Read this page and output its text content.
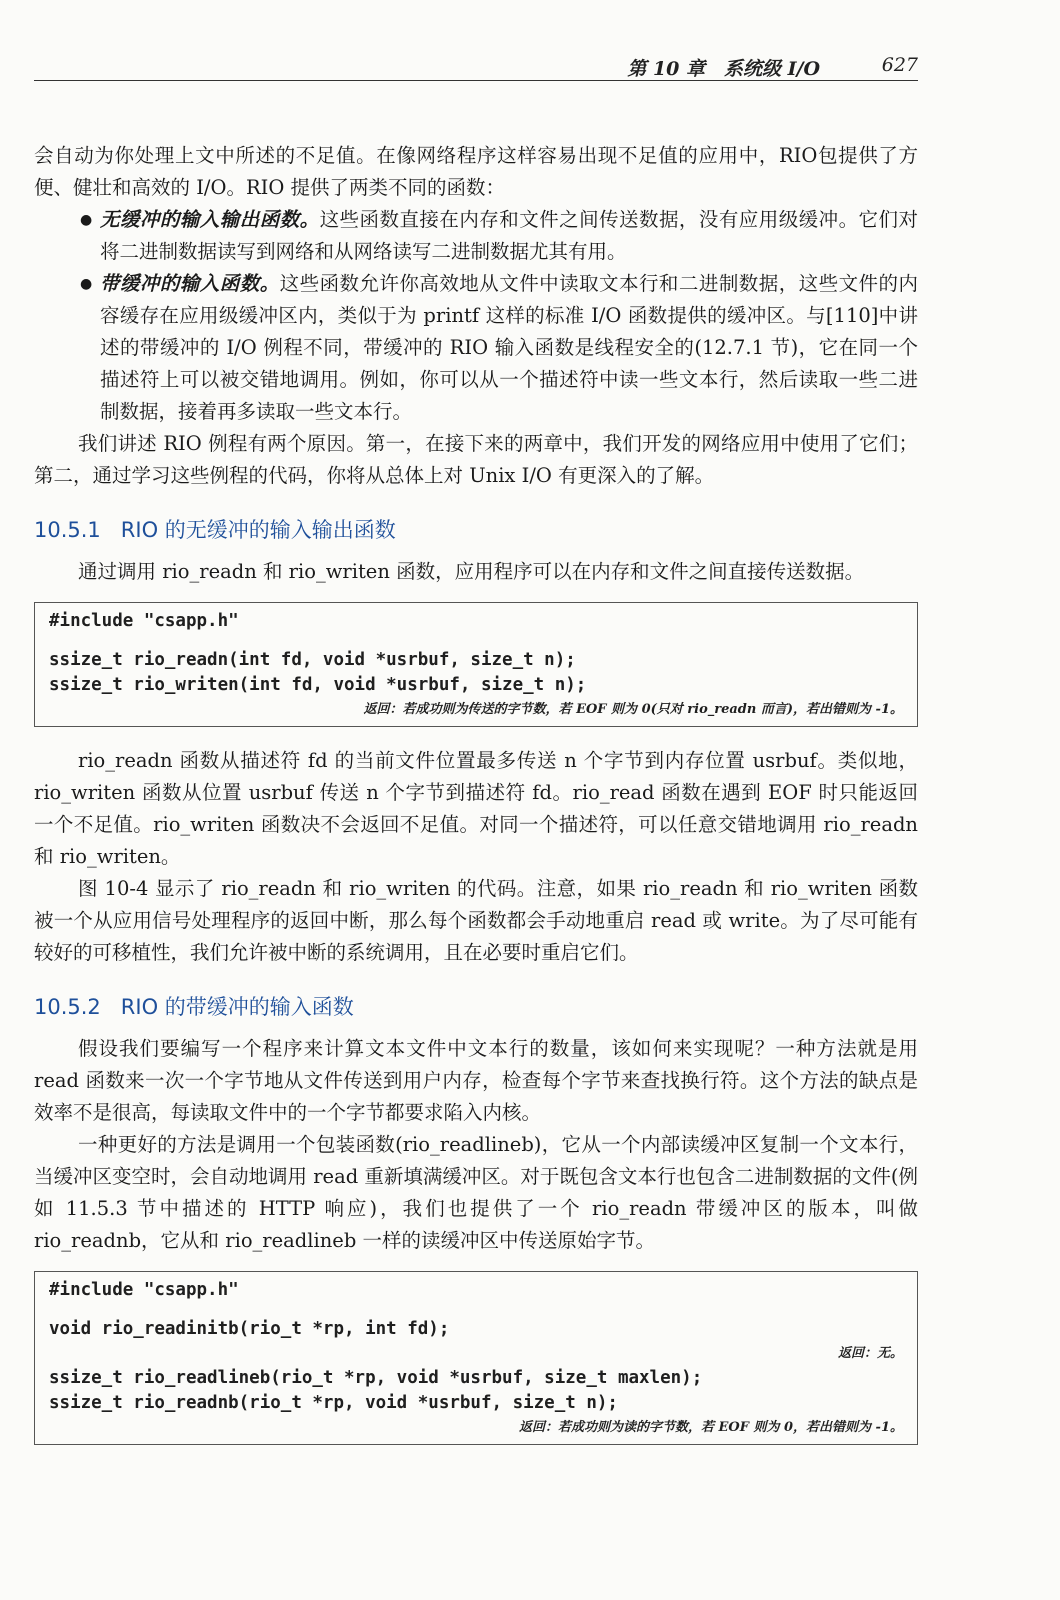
第 10 章　系统级 I/O	627

会自动为你处理上文中所述的不足值。在像网络程序这样容易出现不足值的应用中，RIO包提供了方便、健壮和高效的 I/O。RIO 提供了两类不同的函数：

● 无缓冲的输入输出函数。这些函数直接在内存和文件之间传送数据，没有应用级缓冲。它们对将二进制数据读写到网络和从网络读写二进制数据尤其有用。

● 带缓冲的输入函数。这些函数允许你高效地从文件中读取文本行和二进制数据，这些文件的内容缓存在应用级缓冲区内，类似于为 printf 这样的标准 I/O 函数提供的缓冲区。与[110]中讲述的带缓冲的 I/O 例程不同，带缓冲的 RIO 输入函数是线程安全的(12.7.1 节)，它在同一个描述符上可以被交错地调用。例如，你可以从一个描述符中读一些文本行，然后读取一些二进制数据，接着再多读取一些文本行。

我们讲述 RIO 例程有两个原因。第一，在接下来的两章中，我们开发的网络应用中使用了它们；第二，通过学习这些例程的代码，你将从总体上对 Unix I/O 有更深入的了解。

10.5.1 RIO 的无缓冲的输入输出函数

通过调用 rio_readn 和 rio_writen 函数，应用程序可以在内存和文件之间直接传送数据。

#include "csapp.h"
ssize_t rio_readn(int fd, void *usrbuf, size_t n);
ssize_t rio_writen(int fd, void *usrbuf, size_t n);
返回：若成功则为传送的字节数，若 EOF 则为 0(只对 rio_readn 而言)，若出错则为 -1。

rio_readn 函数从描述符 fd 的当前文件位置最多传送 n 个字节到内存位置 usrbuf。类似地，rio_writen 函数从位置 usrbuf 传送 n 个字节到描述符 fd。rio_read 函数在遇到 EOF 时只能返回一个不足值。rio_writen 函数决不会返回不足值。对同一个描述符，可以任意交错地调用 rio_readn 和 rio_writen。

图 10-4 显示了 rio_readn 和 rio_writen 的代码。注意，如果 rio_readn 和 rio_writen 函数被一个从应用信号处理程序的返回中断，那么每个函数都会手动地重启 read 或 write。为了尽可能有较好的可移植性，我们允许被中断的系统调用，且在必要时重启它们。

10.5.2 RIO 的带缓冲的输入函数

假设我们要编写一个程序来计算文本文件中文本行的数量，该如何来实现呢？一种方法就是用 read 函数来一次一个字节地从文件传送到用户内存，检查每个字节来查找换行符。这个方法的缺点是效率不是很高，每读取文件中的一个字节都要求陷入内核。

一种更好的方法是调用一个包装函数(rio_readlineb)，它从一个内部读缓冲区复制一个文本行，当缓冲区变空时，会自动地调用 read 重新填满缓冲区。对于既包含文本行也包含二进制数据的文件(例如 11.5.3 节中描述的 HTTP 响应)，我们也提供了一个 rio_readn 带缓冲区的版本，叫做 rio_readnb，它从和 rio_readlineb 一样的读缓冲区中传送原始字节。

#include "csapp.h"
void rio_readinitb(rio_t *rp, int fd);
返回：无。
ssize_t rio_readlineb(rio_t *rp, void *usrbuf, size_t maxlen);
ssize_t rio_readnb(rio_t *rp, void *usrbuf, size_t n);
返回：若成功则为读的字节数，若 EOF 则为 0，若出错则为 -1。
